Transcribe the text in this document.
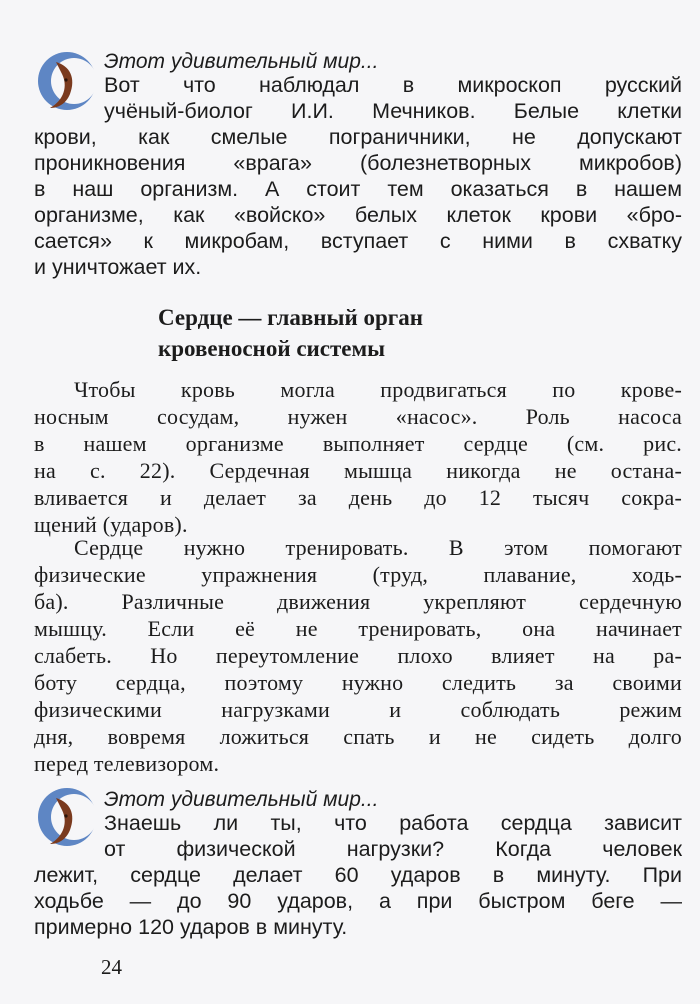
Этот удивительный мир...
Вот что наблюдал в микроскоп русский
учёный-биолог И.И. Мечников. Белые клетки
крови, как смелые пограничники, не допускают
проникновения «врага» (болезнетворных микробов)
в наш организм. А стоит тем оказаться в нашем
организме, как «войско» белых клеток крови «бро-
сается» к микробам, вступает с ними в схватку
и уничтожает их.
Сердце — главный орган
кровеносной системы
Чтобы кровь могла продвигаться по крове-
носным сосудам, нужен «насос». Роль насоса
в нашем организме выполняет сердце (см. рис.
на с. 22). Сердечная мышца никогда не остана-
вливается и делает за день до 12 тысяч сокра-
щений (ударов).
Сердце нужно тренировать. В этом помогают
физические упражнения (труд, плавание, ходь-
ба). Различные движения укрепляют сердечную
мышцу. Если её не тренировать, она начинает
слабеть. Но переутомление плохо влияет на ра-
боту сердца, поэтому нужно следить за своими
физическими нагрузками и соблюдать режим
дня, вовремя ложиться спать и не сидеть долго
перед телевизором.
Этот удивительный мир...
Знаешь ли ты, что работа сердца зависит
от физической нагрузки? Когда человек
лежит, сердце делает 60 ударов в минуту. При
ходьбе — до 90 ударов, а при быстром беге —
примерно 120 ударов в минуту.
24
